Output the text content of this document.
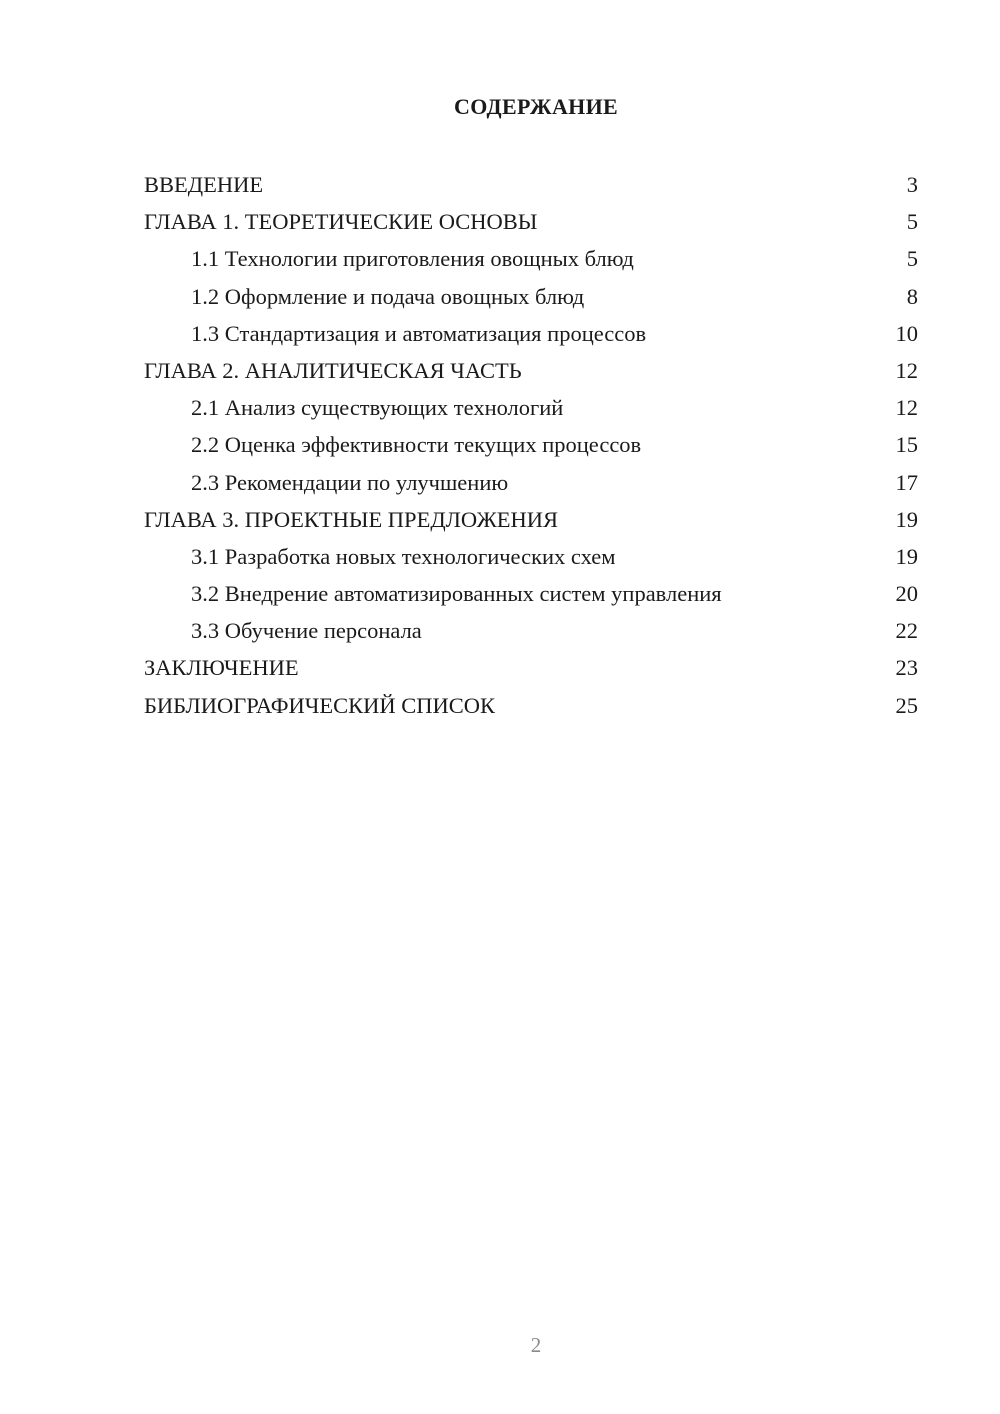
СОДЕРЖАНИЕ
ВВЕДЕНИЕ	3
ГЛАВА 1. ТЕОРЕТИЧЕСКИЕ ОСНОВЫ	5
1.1 Технологии приготовления овощных блюд	5
1.2 Оформление и подача овощных блюд	8
1.3 Стандартизация и автоматизация процессов	10
ГЛАВА 2. АНАЛИТИЧЕСКАЯ ЧАСТЬ	12
2.1 Анализ существующих технологий	12
2.2 Оценка эффективности текущих процессов	15
2.3 Рекомендации по улучшению	17
ГЛАВА 3. ПРОЕКТНЫЕ ПРЕДЛОЖЕНИЯ	19
3.1 Разработка новых технологических схем	19
3.2 Внедрение автоматизированных систем управления	20
3.3 Обучение персонала	22
ЗАКЛЮЧЕНИЕ	23
БИБЛИОГРАФИЧЕСКИЙ СПИСОК	25
2
